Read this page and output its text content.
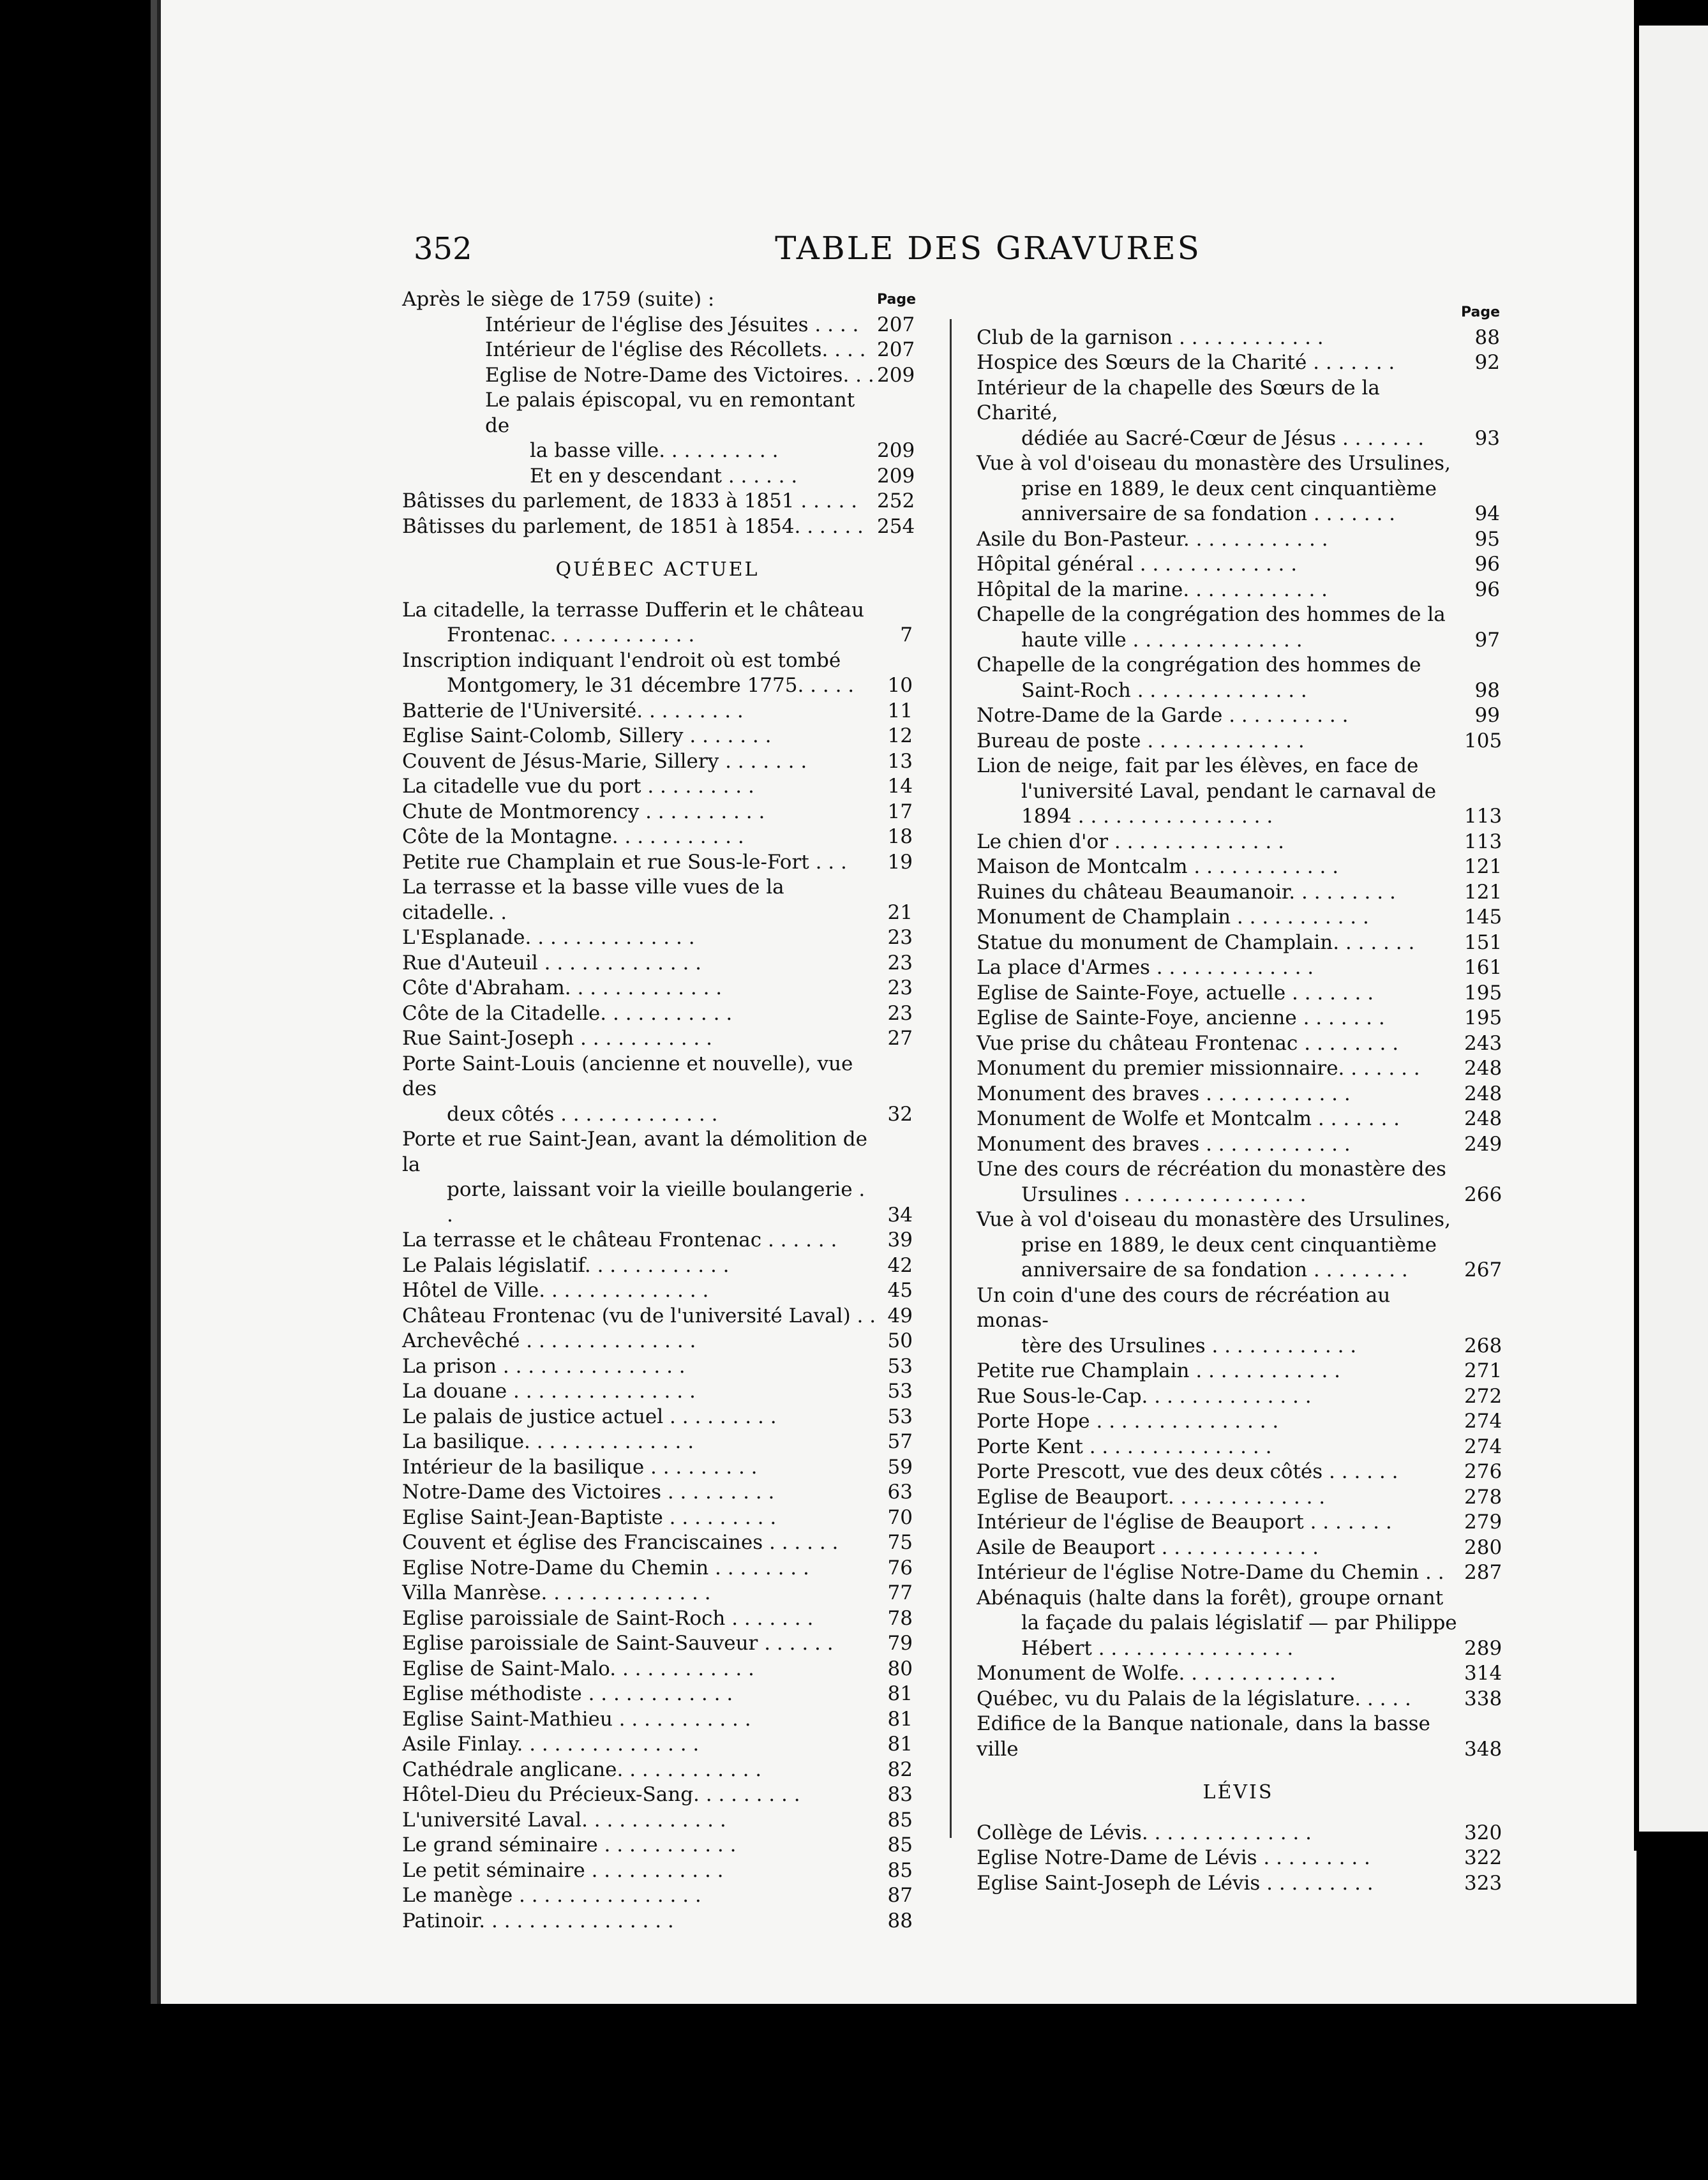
352	TABLE DES GRAVURES
Après le siège de 1759 (suite) :	Page
Intérieur de l'église des Jésuites . . . . 207
Intérieur de l'église des Récollets. . . . 207
Eglise de Notre-Dame des Victoires. . . 209
Le palais épiscopal, vu en remontant de
la basse ville. . . . . . . . . .	209
Et en y descendant . . . . . .	209
Bâtisses du parlement, de 1833 à 1851 . . . . . 252
Bâtisses du parlement, de 1851 à 1854. . . . . . 254
QUÉBEC ACTUEL
La citadelle, la terrasse Dufferin et le château
Frontenac. . . . . . . . . . . .	7
Inscription indiquant l'endroit où est tombé
Montgomery, le 31 décembre 1775. . . . .	10
Batterie de l'Université. . . . . . . . .	11
Eglise Saint-Colomb, Sillery . . . . . . .	12
Couvent de Jésus-Marie, Sillery . . . . . . .	13
La citadelle vue du port . . . . . . . . .	14
Chute de Montmorency . . . . . . . . . .	17
Côte de la Montagne. . . . . . . . . . .	18
Petite rue Champlain et rue Sous-le-Fort . . .	19
La terrasse et la basse ville vues de la citadelle. .	21
L'Esplanade. . . . . . . . . . . . . .	23
Rue d'Auteuil . . . . . . . . . . . . .	23
Côte d'Abraham. . . . . . . . . . . . .	23
Côte de la Citadelle. . . . . . . . . . .	23
Rue Saint-Joseph . . . . . . . . . . .	27
Porte Saint-Louis (ancienne et nouvelle), vue des
deux côtés . . . . . . . . . . . . .	32
Porte et rue Saint-Jean, avant la démolition de la
porte, laissant voir la vieille boulangerie . .	34
La terrasse et le château Frontenac . . . . . .	39
Le Palais législatif. . . . . . . . . . . .	42
Hôtel de Ville. . . . . . . . . . . . . .	45
Château Frontenac (vu de l'université Laval) . . 49
Archevêché . . . . . . . . . . . . . .	50
La prison . . . . . . . . . . . . . . .	53
La douane . . . . . . . . . . . . . . .	53
Le palais de justice actuel . . . . . . . . .	53
La basilique. . . . . . . . . . . . . .	57
Intérieur de la basilique . . . . . . . . .	59
Notre-Dame des Victoires . . . . . . . . .	63
Eglise Saint-Jean-Baptiste . . . . . . . . .	70
Couvent et église des Franciscaines . . . . . .	75
Eglise Notre-Dame du Chemin . . . . . . . .	76
Villa Manrèse. . . . . . . . . . . . . .	77
Eglise paroissiale de Saint-Roch . . . . . . .	78
Eglise paroissiale de Saint-Sauveur . . . . . .	79
Eglise de Saint-Malo. . . . . . . . . . . .	80
Eglise méthodiste . . . . . . . . . . . .	81
Eglise Saint-Mathieu . . . . . . . . . . .	81
Asile Finlay. . . . . . . . . . . . . . .	81
Cathédrale anglicane. . . . . . . . . . . .	82
Hôtel-Dieu du Précieux-Sang. . . . . . . . .	83
L'université Laval. . . . . . . . . . . .	85
Le grand séminaire . . . . . . . . . . .	85
Le petit séminaire . . . . . . . . . . .	85
Le manège . . . . . . . . . . . . . . .	87
Patinoir. . . . . . . . . . . . . . . .	88
Page
Club de la garnison . . . . . . . . . . . .	88
Hospice des Sœurs de la Charité . . . . . . .	92
Intérieur de la chapelle des Sœurs de la Charité,
dédiée au Sacré-Cœur de Jésus . . . . . . .	93
Vue à vol d'oiseau du monastère des Ursulines,
prise en 1889, le deux cent cinquantième
anniversaire de sa fondation . . . . . . .	94
Asile du Bon-Pasteur. . . . . . . . . . . .	95
Hôpital général . . . . . . . . . . . . .	96
Hôpital de la marine. . . . . . . . . . . .	96
Chapelle de la congrégation des hommes de la
haute ville . . . . . . . . . . . . . .	97
Chapelle de la congrégation des hommes de
Saint-Roch . . . . . . . . . . . . . .	98
Notre-Dame de la Garde . . . . . . . . . .	99
Bureau de poste . . . . . . . . . . . . .	105
Lion de neige, fait par les élèves, en face de
l'université Laval, pendant le carnaval de
1894 . . . . . . . . . . . . . . . .	113
Le chien d'or . . . . . . . . . . . . . .	113
Maison de Montcalm . . . . . . . . . . . .	121
Ruines du château Beaumanoir. . . . . . . . .	121
Monument de Champlain . . . . . . . . . . .	145
Statue du monument de Champlain. . . . . . .	151
La place d'Armes . . . . . . . . . . . . .	161
Eglise de Sainte-Foye, actuelle . . . . . . .	195
Eglise de Sainte-Foye, ancienne . . . . . . .	195
Vue prise du château Frontenac . . . . . . . .	243
Monument du premier missionnaire. . . . . . .	248
Monument des braves . . . . . . . . . . . .	248
Monument de Wolfe et Montcalm . . . . . . .	248
Monument des braves . . . . . . . . . . . .	249
Une des cours de récréation du monastère des
Ursulines . . . . . . . . . . . . . . .	266
Vue à vol d'oiseau du monastère des Ursulines,
prise en 1889, le deux cent cinquantième
anniversaire de sa fondation . . . . . . . .	267
Un coin d'une des cours de récréation au monas-
tère des Ursulines . . . . . . . . . . . .	268
Petite rue Champlain . . . . . . . . . . . .	271
Rue Sous-le-Cap. . . . . . . . . . . . . .	272
Porte Hope . . . . . . . . . . . . . . .	274
Porte Kent . . . . . . . . . . . . . . .	274
Porte Prescott, vue des deux côtés . . . . . .	276
Eglise de Beauport. . . . . . . . . . . . .	278
Intérieur de l'église de Beauport . . . . . . .	279
Asile de Beauport . . . . . . . . . . . . .	280
Intérieur de l'église Notre-Dame du Chemin . .	287
Abénaquis (halte dans la forêt), groupe ornant
la façade du palais législatif — par Philippe
Hébert . . . . . . . . . . . . . . . .	289
Monument de Wolfe. . . . . . . . . . . . .	314
Québec, vu du Palais de la législature. . . . .	338
Edifice de la Banque nationale, dans la basse ville	348
LÉVIS
Collège de Lévis. . . . . . . . . . . . . .	320
Eglise Notre-Dame de Lévis . . . . . . . . .	322
Eglise Saint-Joseph de Lévis . . . . . . . . .	323
